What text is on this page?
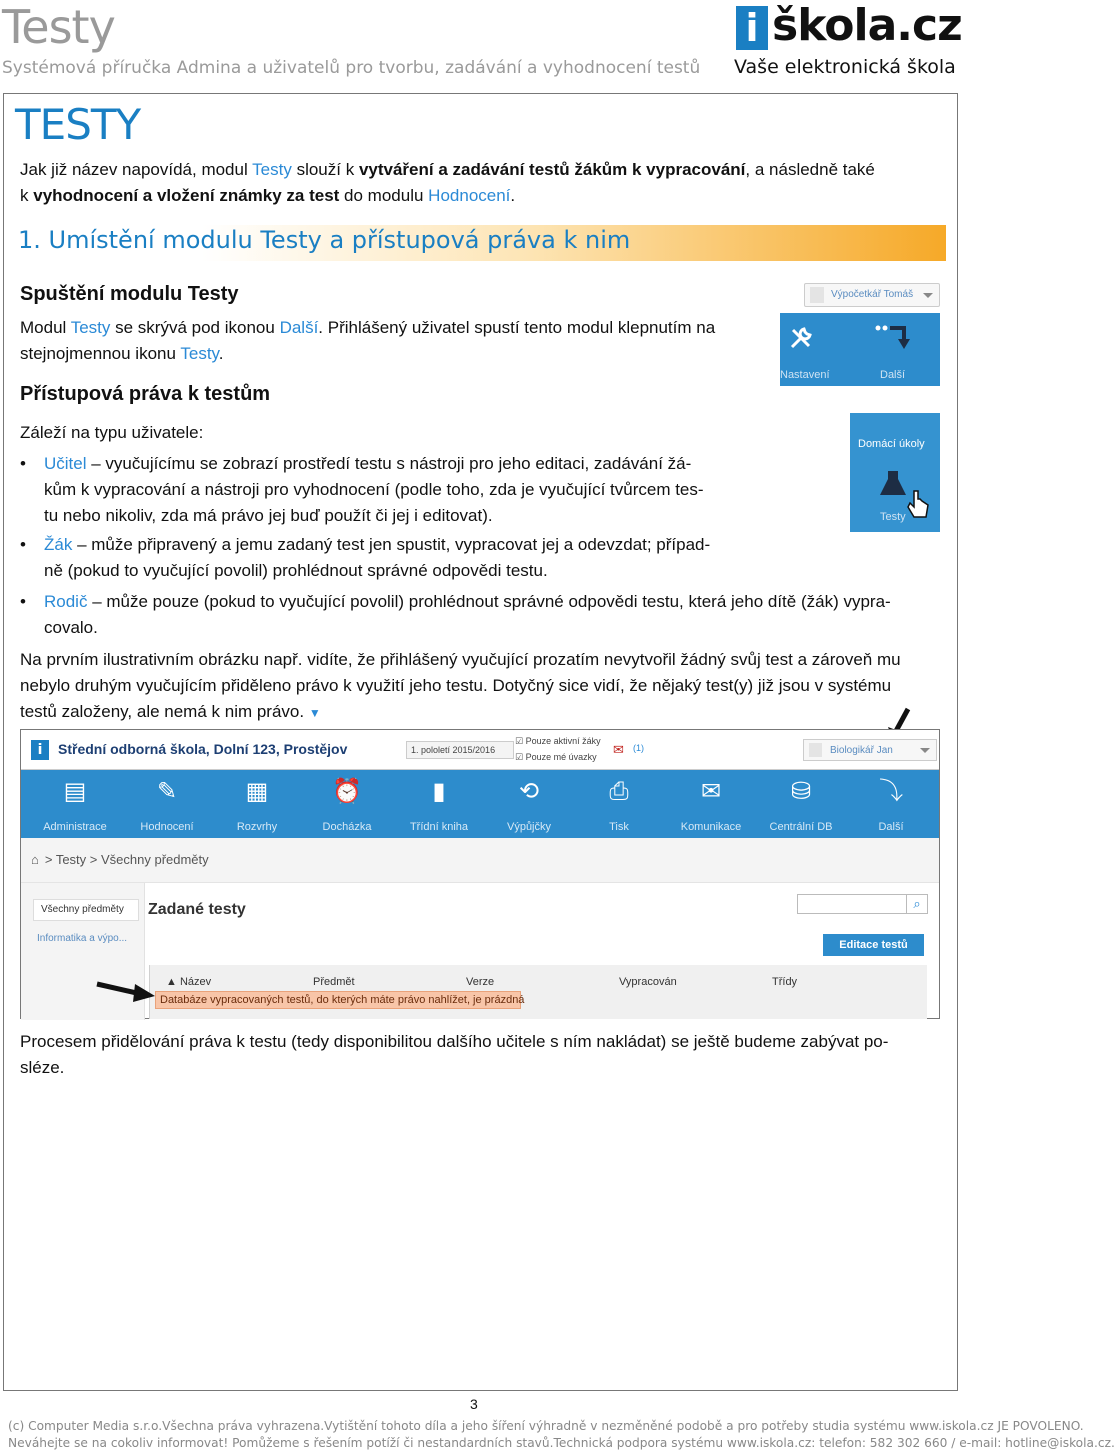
Testy
Systémová příručka Admina a uživatelů pro tvorbu, zadávání a vyhodnocení testů
i škola.cz
Vaše elektronická škola
TESTY
Jak již název napovídá, modul Testy slouží k vytváření a zadávání testů žákům k vypracování, a následně také
k vyhodnocení a vložení známky za test do modulu Hodnocení.
1. Umístění modulu Testy a přístupová práva k nim
Spuštění modulu Testy
Modul Testy se skrývá pod ikonou Další. Přihlášený uživatel spustí tento modul klepnutím na
stejnojmennou ikonu Testy.
Výpočetkář Tomáš
Nastavení	Další
Přístupová práva k testům
Záleží na typu uživatele:
• Učitel – vyučujícímu se zobrazí prostředí testu s nástroji pro jeho editaci, zadávání žá-
kům k vypracování a nástroji pro vyhodnocení (podle toho, zda je vyučující tvůrcem tes-
tu nebo nikoliv, zda má právo jej buď použít či jej i editovat).
• Žák – může připravený a jemu zadaný test jen spustit, vypracovat jej a odevzdat; případ-
ně (pokud to vyučující povolil) prohlédnout správné odpovědi testu.
• Rodič – může pouze (pokud to vyučující povolil) prohlédnout správné odpovědi testu, která jeho dítě (žák) vypra-
covalo.
Domácí úkoly
Testy
Na prvním ilustrativním obrázku např. vidíte, že přihlášený vyučující prozatím nevytvořil žádný svůj test a zároveň mu
nebylo druhým vyučujícím přiděleno právo k využití jeho testu. Dotyčný sice vidí, že nějaký test(y) již jsou v systému
testů založeny, ale nemá k nim právo. ▼
i	Střední odborná škola, Dolní 123, Prostějov	1. pololetí 2015/2016
☑ Pouze aktivní žáky
☑ Pouze mé úvazky ✉ (1)	Biologikář Jan
▤
Administrace
✎
Hodnocení
▦
Rozvrhy
⏰
Docházka
▮
Třídní kniha
⟲
Výpůjčky
⎙
Tisk
✉
Komunikace
⛁
Centrální DB
⤵
Další
⌂ > Testy > Všechny předměty
Všechny předměty
Informatika a výpo...
Zadané testy
⌕
Editace testů
▲ Název	Předmět	Verze	Vypracován	Třídy
Databáze vypracovaných testů, do kterých máte právo nahlížet, je prázdná
Procesem přidělování práva k testu (tedy disponibilitou dalšího učitele s ním nakládat) se ještě budeme zabývat po-
sléze.
3
(c) Computer Media s.r.o.Všechna práva vyhrazena.Vytištění tohoto díla a jeho šíření výhradně v nezměněné podobě a pro potřeby studia systému www.iskola.cz JE POVOLENO.
Neváhejte se na cokoliv informovat! Pomůžeme s řešením potíží či nestandardních stavů.Technická podpora systému www.iskola.cz: telefon: 582 302 660 / e-mail: hotline@iskola.cz.
